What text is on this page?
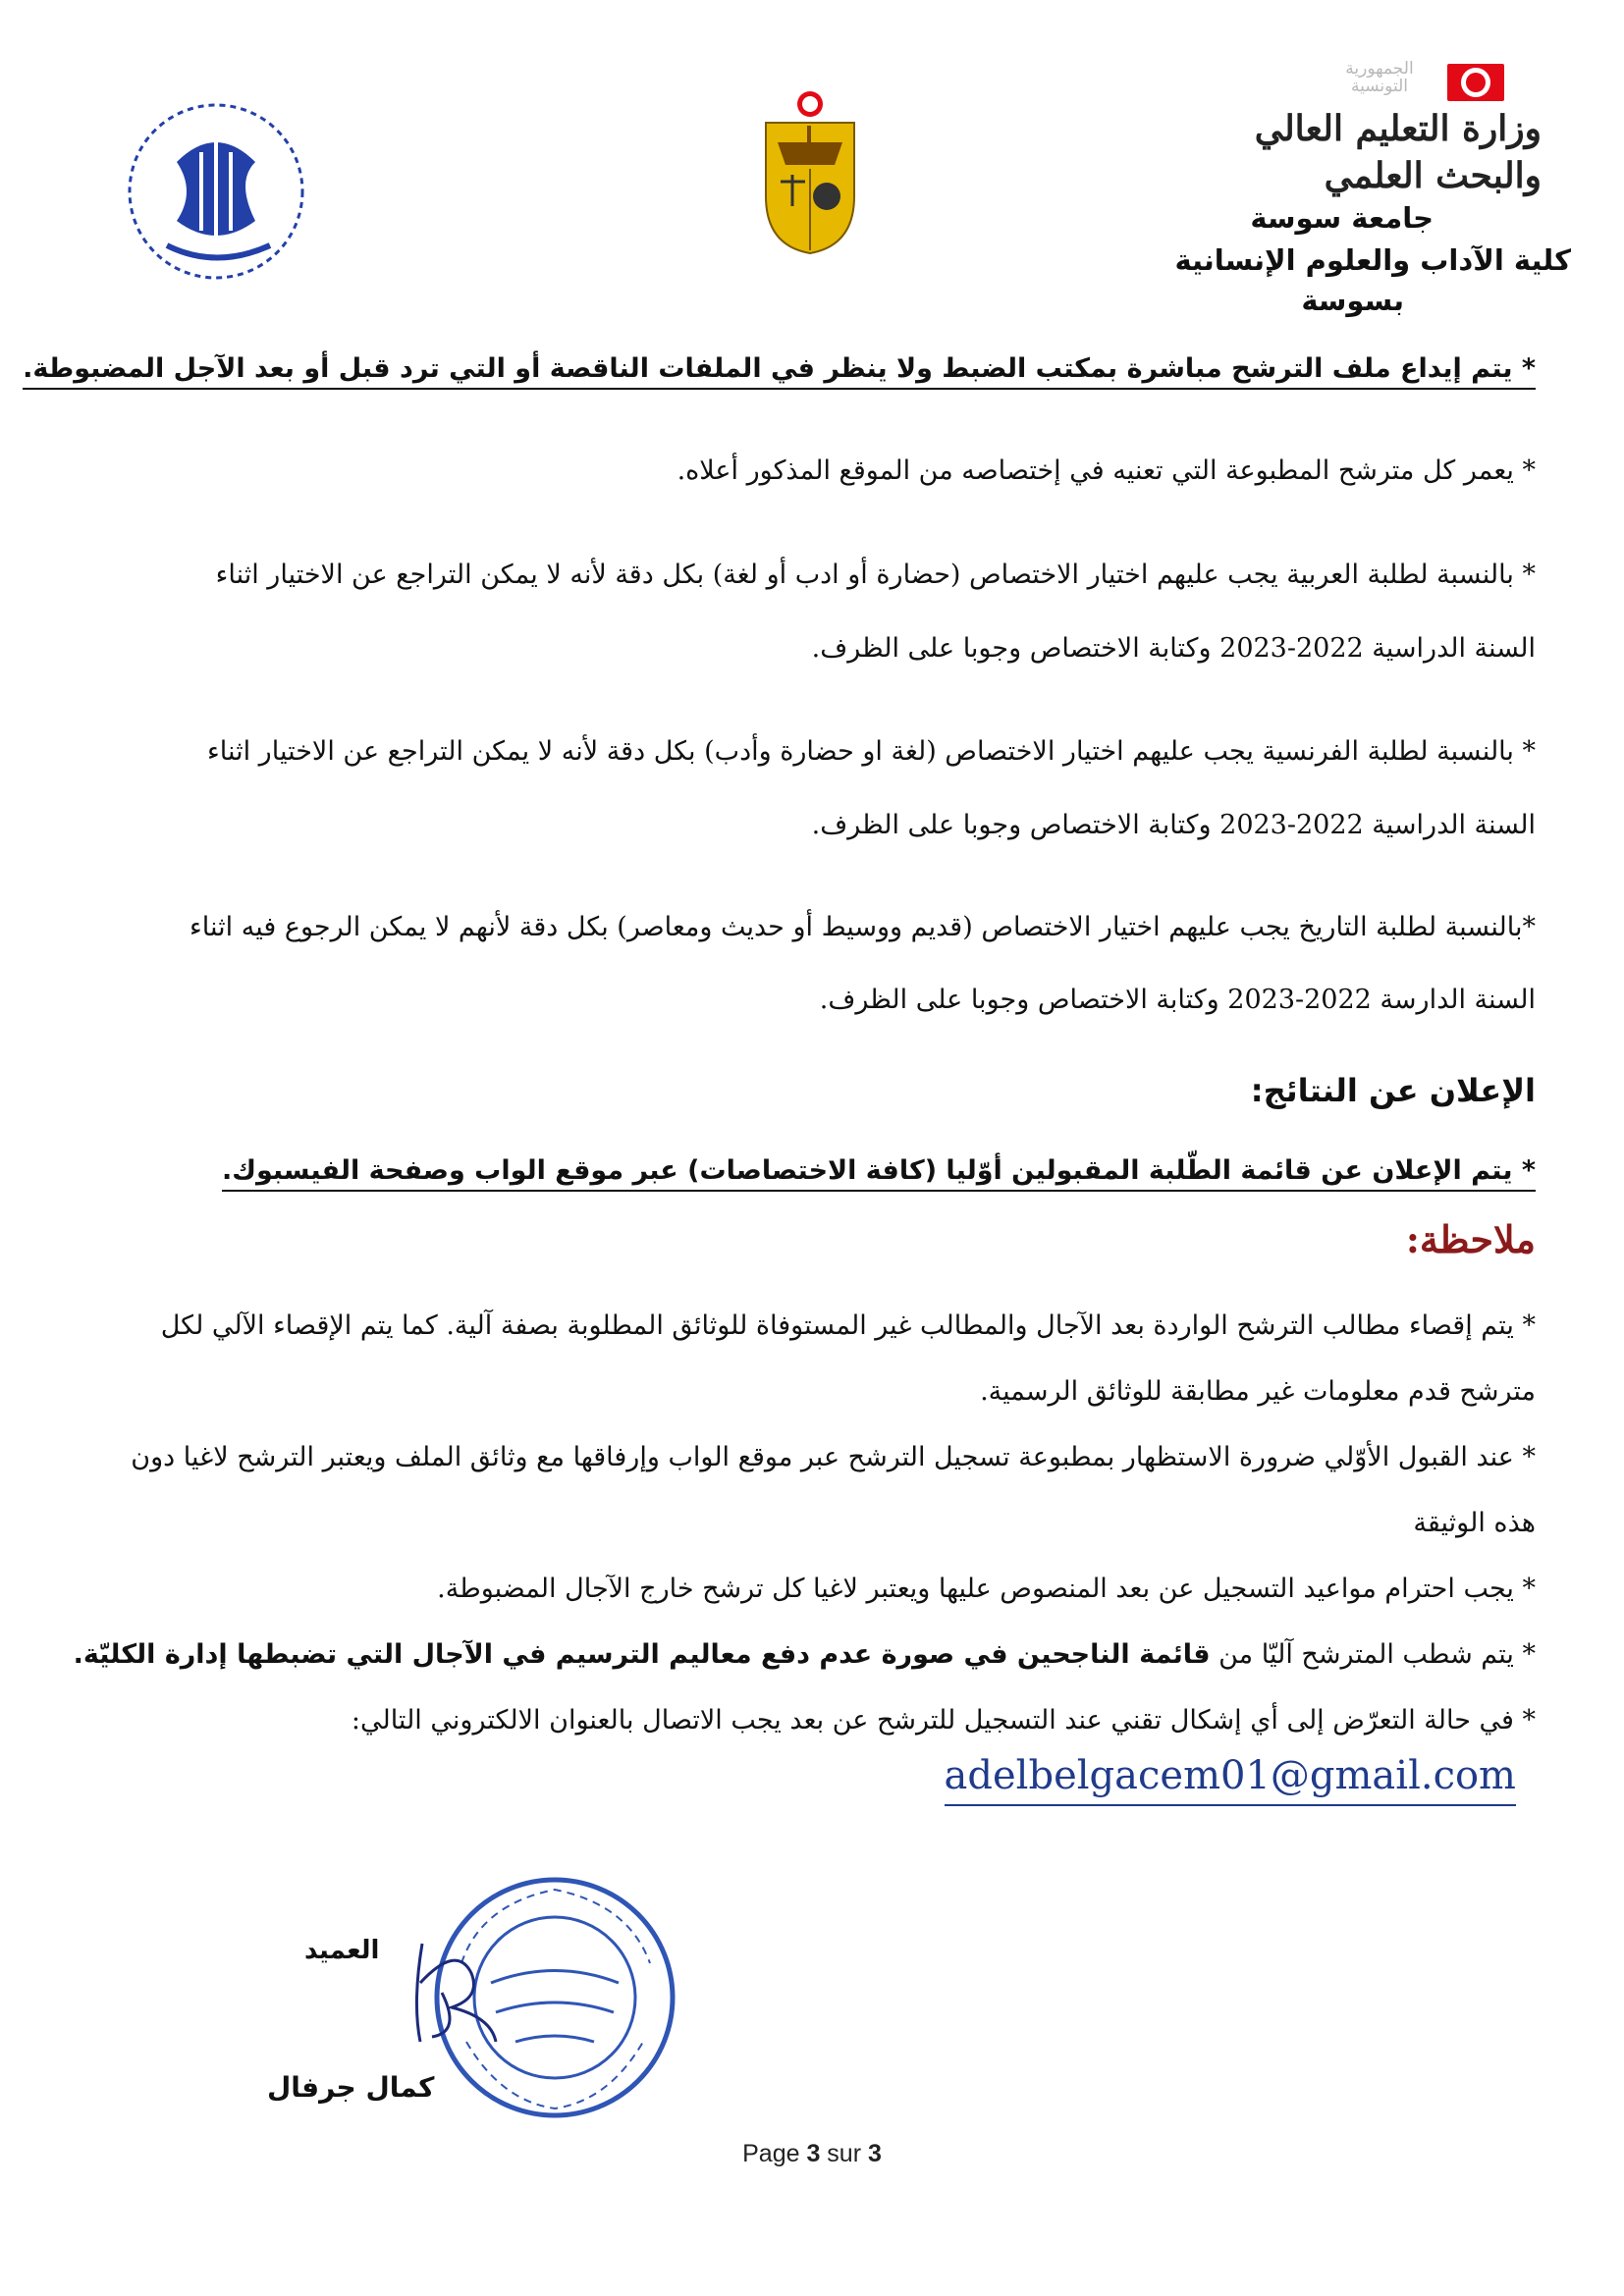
الجمهورية التونسية
وزارة التعليم العالي
والبحث العلمي
جامعة سوسة
كلية الآداب والعلوم الإنسانية
بسوسة
* يتم إيداع ملف الترشح مباشرة بمكتب الضبط ولا ينظر في الملفات الناقصة أو التي ترد قبل أو بعد الآجل المضبوطة.
* يعمر كل مترشح المطبوعة التي تعنيه في إختصاصه من الموقع المذكور أعلاه.
* بالنسبة لطلبة العربية يجب عليهم اختيار الاختصاص (حضارة أو ادب أو لغة) بكل دقة لأنه لا يمكن التراجع عن الاختيار اثناء
السنة الدراسية 2022-2023 وكتابة الاختصاص وجوبا على الظرف.
* بالنسبة لطلبة الفرنسية يجب عليهم اختيار الاختصاص (لغة او حضارة وأدب) بكل دقة لأنه لا يمكن التراجع عن الاختيار اثناء
السنة الدراسية 2022-2023 وكتابة الاختصاص وجوبا على الظرف.
*بالنسبة لطلبة التاريخ يجب عليهم اختيار الاختصاص (قديم ووسيط أو حديث ومعاصر) بكل دقة لأنهم لا يمكن الرجوع فيه اثناء
السنة الدارسة 2022-2023 وكتابة الاختصاص وجوبا على الظرف.
الإعلان عن النتائج:
* يتم الإعلان عن قائمة الطّلبة المقبولين أوّليا (كافة الاختصاصات) عبر موقع الواب وصفحة الفيسبوك.
ملاحظة:
* يتم إقصاء مطالب الترشح الواردة بعد الآجال والمطالب غير المستوفاة للوثائق المطلوبة بصفة آلية. كما يتم الإقصاء الآلي لكل
مترشح قدم معلومات غير مطابقة للوثائق الرسمية.
* عند القبول الأوّلي ضرورة الاستظهار بمطبوعة تسجيل الترشح عبر موقع الواب وإرفاقها مع وثائق الملف ويعتبر الترشح لاغيا دون
هذه الوثيقة
* يجب احترام مواعيد التسجيل عن بعد المنصوص عليها ويعتبر لاغيا كل ترشح خارج الآجال المضبوطة.
* يتم شطب المترشح آليّا من قائمة الناجحين في صورة عدم دفع معاليم الترسيم في الآجال التي تضبطها إدارة الكليّة.
* في حالة التعرّض إلى أي إشكال تقني عند التسجيل للترشح عن بعد يجب الاتصال بالعنوان الالكتروني التالي:
adelbelgacem01@gmail.com
العميد
كمال جرفال
Page 3 sur 3
